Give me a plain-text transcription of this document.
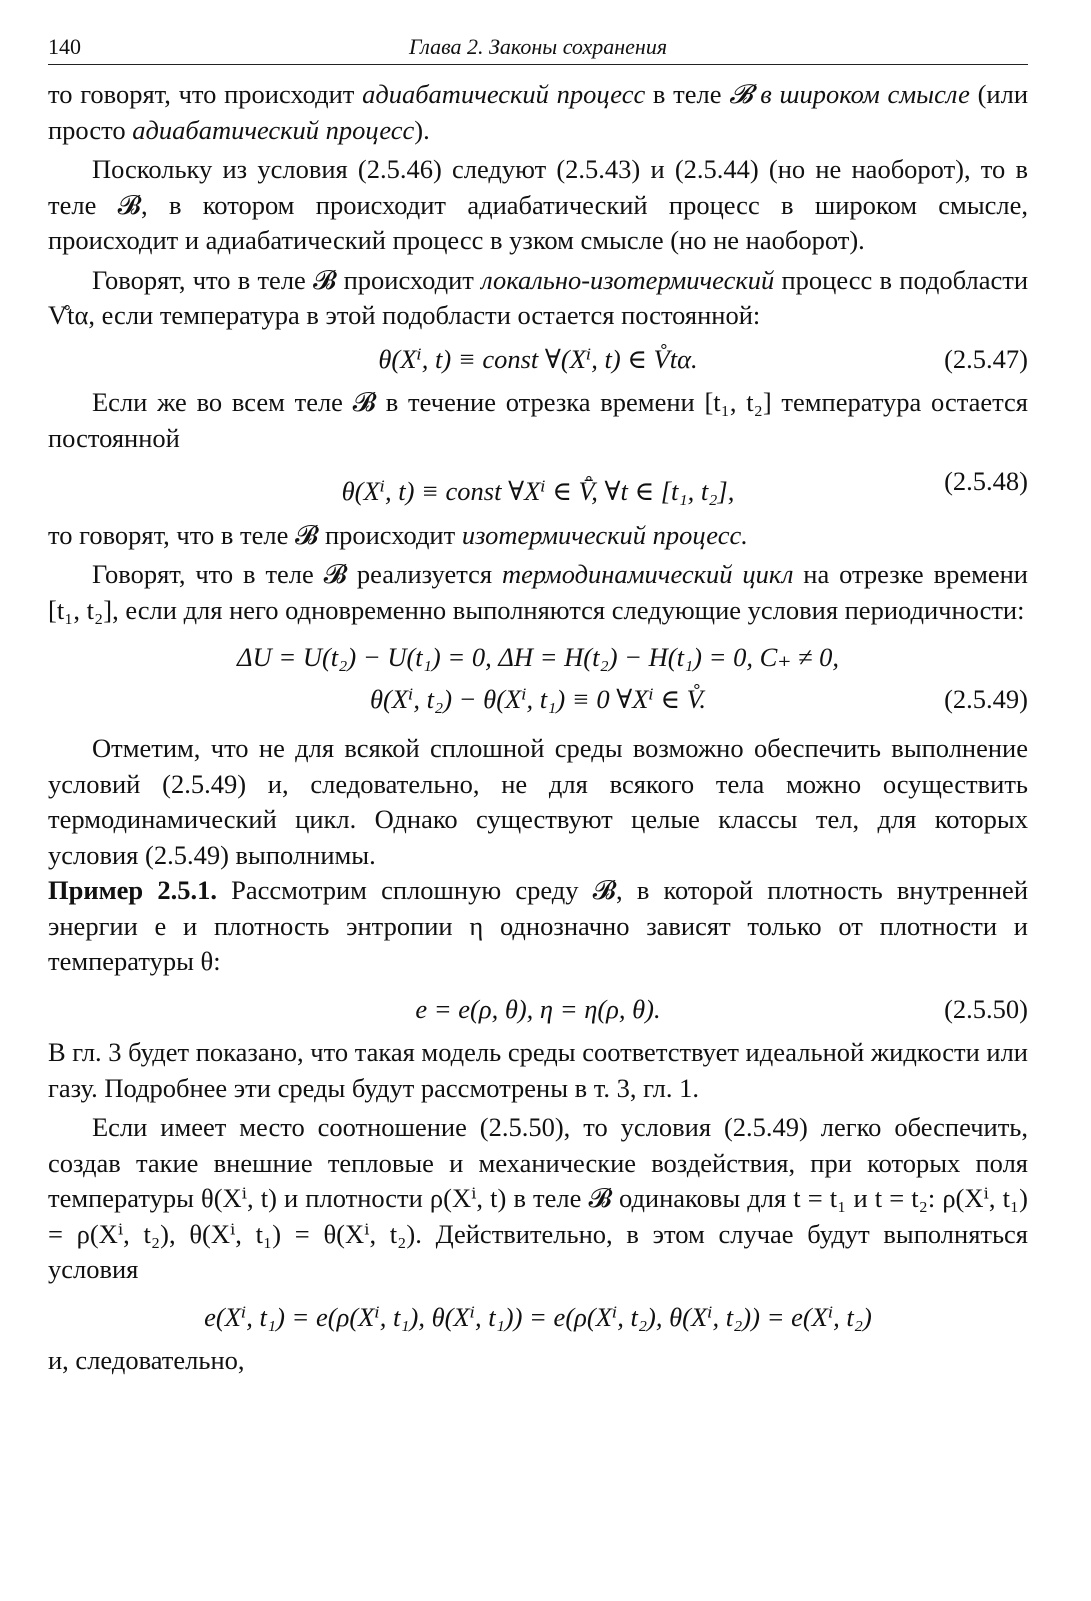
140	Глава 2. Законы сохранения

то говорят, что происходит адиабатический процесс в теле 𝓑 в широком смысле (или просто адиабатический процесс).

Поскольку из условия (2.5.46) следуют (2.5.43) и (2.5.44) (но не наоборот), то в теле 𝓑, в котором происходит адиабатический процесс в широком смысле, происходит и адиабатический процесс в узком смысле (но не наоборот).

Говорят, что в теле 𝓑 происходит локально-изотермический процесс в подобласти V̊tα, если температура в этой подобласти остается постоянной:

θ(Xⁱ, t) ≡ const ∀(Xⁱ, t) ∈ V̊tα.	(2.5.47)

Если же во всем теле 𝓑 в течение отрезка времени [t₁, t₂] температура остается постоянной

θ(Xⁱ, t) ≡ const ∀Xⁱ ∈ V̊̄, ∀t ∈ [t₁, t₂],	(2.5.48)

то говорят, что в теле 𝓑 происходит изотермический процесс.

Говорят, что в теле 𝓑 реализуется термодинамический цикл на отрезке времени [t₁, t₂], если для него одновременно выполняются следующие условия периодичности:

ΔU = U(t₂) − U(t₁) = 0, ΔH = H(t₂) − H(t₁) = 0, C₊ ≠ 0,
θ(Xⁱ, t₂) − θ(Xⁱ, t₁) ≡ 0 ∀Xⁱ ∈ V̊.	(2.5.49)

Отметим, что не для всякой сплошной среды возможно обеспечить выполнение условий (2.5.49) и, следовательно, не для всякого тела можно осуществить термодинамический цикл. Однако существуют целые классы тел, для которых условия (2.5.49) выполнимы.

Пример 2.5.1. Рассмотрим сплошную среду 𝓑, в которой плотность внутренней энергии e и плотность энтропии η однозначно зависят только от плотности и температуры θ:

e = e(ρ, θ), η = η(ρ, θ).	(2.5.50)

В гл. 3 будет показано, что такая модель среды соответствует идеальной жидкости или газу. Подробнее эти среды будут рассмотрены в т. 3, гл. 1.

Если имеет место соотношение (2.5.50), то условия (2.5.49) легко обеспечить, создав такие внешние тепловые и механические воздействия, при которых поля температуры θ(Xⁱ, t) и плотности ρ(Xⁱ, t) в теле 𝓑 одинаковы для t = t₁ и t = t₂: ρ(Xⁱ, t₁) = ρ(Xⁱ, t₂), θ(Xⁱ, t₁) = θ(Xⁱ, t₂). Действительно, в этом случае будут выполняться условия

e(Xⁱ, t₁) = e(ρ(Xⁱ, t₁), θ(Xⁱ, t₁)) = e(ρ(Xⁱ, t₂), θ(Xⁱ, t₂)) = e(Xⁱ, t₂)

и, следовательно,
